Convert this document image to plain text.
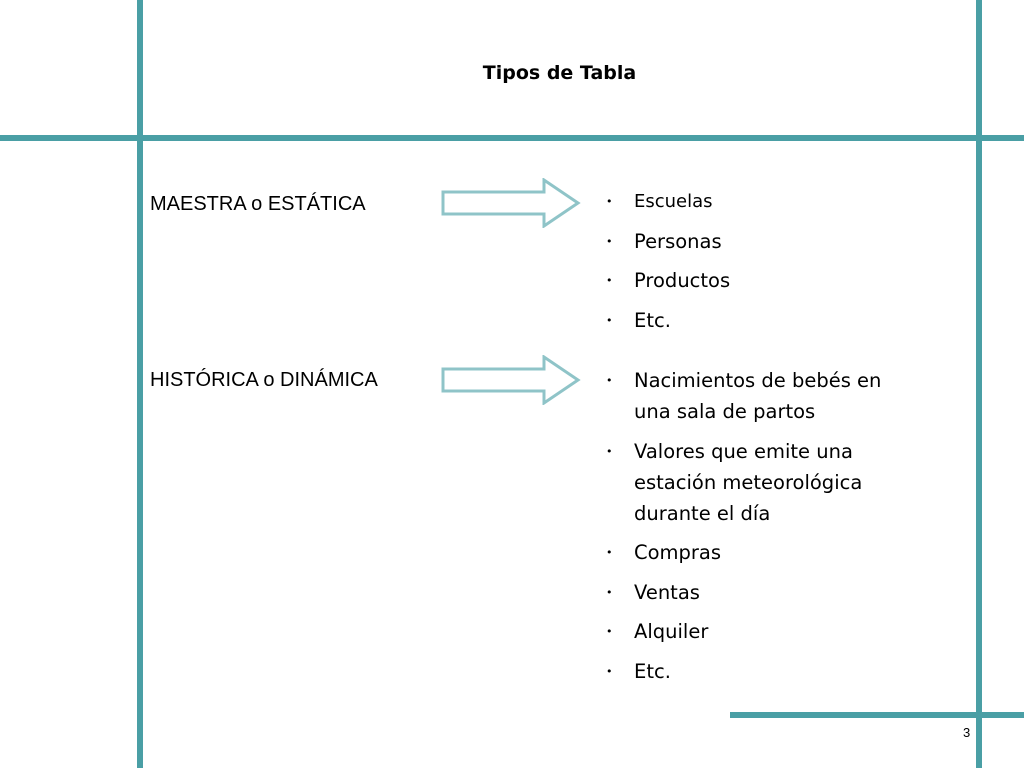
Tipos de Tabla
MAESTRA o ESTÁTICA	• Escuelas
• Personas
• Productos
• Etc.
HISTÓRICA o DINÁMICA	• Nacimientos de bebés en una sala de partos
• Valores que emite una estación meteorológica durante el día
• Compras
• Ventas
• Alquiler
• Etc.
3
